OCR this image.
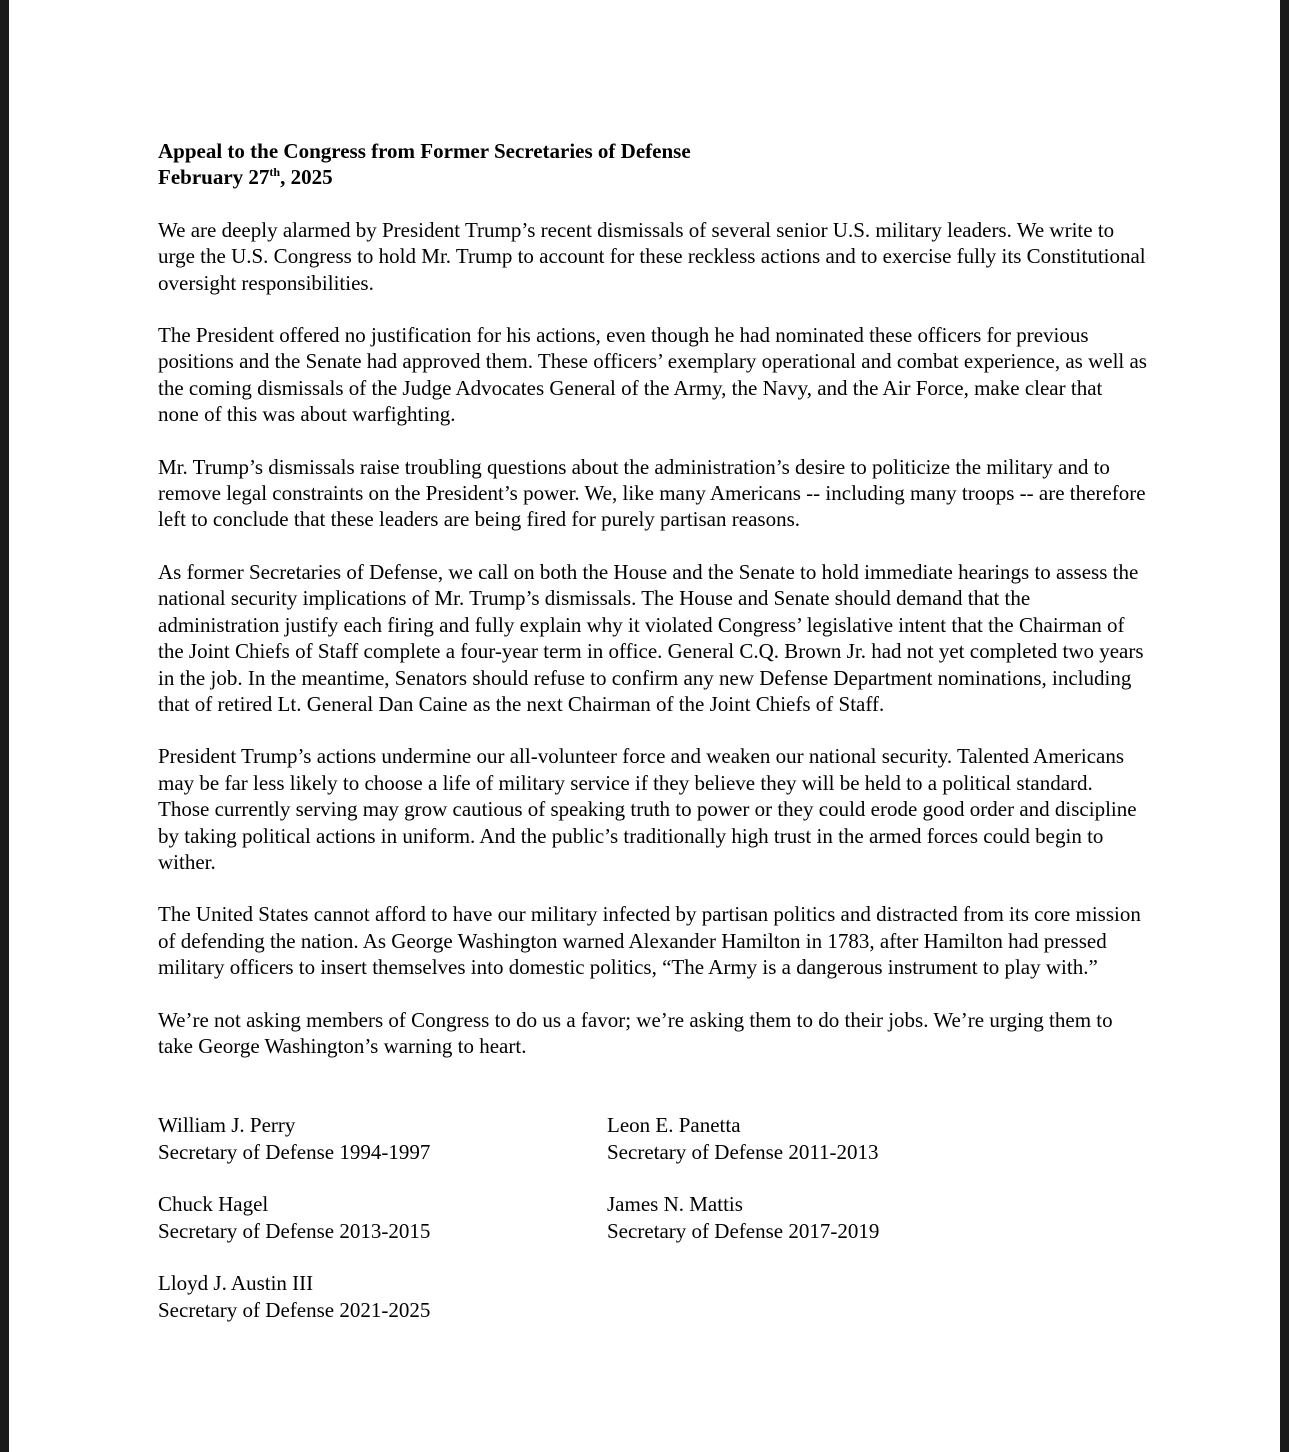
Appeal to the Congress from Former Secretaries of Defense
February 27th, 2025

We are deeply alarmed by President Trump’s recent dismissals of several senior U.S. military leaders. We write to urge the U.S. Congress to hold Mr. Trump to account for these reckless actions and to exercise fully its Constitutional oversight responsibilities.

The President offered no justification for his actions, even though he had nominated these officers for previous positions and the Senate had approved them. These officers’ exemplary operational and combat experience, as well as the coming dismissals of the Judge Advocates General of the Army, the Navy, and the Air Force, make clear that none of this was about warfighting.

Mr. Trump’s dismissals raise troubling questions about the administration’s desire to politicize the military and to remove legal constraints on the President’s power. We, like many Americans -- including many troops -- are therefore left to conclude that these leaders are being fired for purely partisan reasons.

As former Secretaries of Defense, we call on both the House and the Senate to hold immediate hearings to assess the national security implications of Mr. Trump’s dismissals. The House and Senate should demand that the administration justify each firing and fully explain why it violated Congress’ legislative intent that the Chairman of the Joint Chiefs of Staff complete a four-year term in office. General C.Q. Brown Jr. had not yet completed two years in the job. In the meantime, Senators should refuse to confirm any new Defense Department nominations, including that of retired Lt. General Dan Caine as the next Chairman of the Joint Chiefs of Staff.

President Trump’s actions undermine our all-volunteer force and weaken our national security. Talented Americans may be far less likely to choose a life of military service if they believe they will be held to a political standard. Those currently serving may grow cautious of speaking truth to power or they could erode good order and discipline by taking political actions in uniform. And the public’s traditionally high trust in the armed forces could begin to wither.

The United States cannot afford to have our military infected by partisan politics and distracted from its core mission of defending the nation. As George Washington warned Alexander Hamilton in 1783, after Hamilton had pressed military officers to insert themselves into domestic politics, “The Army is a dangerous instrument to play with.”

We’re not asking members of Congress to do us a favor; we’re asking them to do their jobs. We’re urging them to take George Washington’s warning to heart.

William J. Perry
Secretary of Defense 1994-1997
Leon E. Panetta
Secretary of Defense 2011-2013
Chuck Hagel
Secretary of Defense 2013-2015
James N. Mattis
Secretary of Defense 2017-2019
Lloyd J. Austin III
Secretary of Defense 2021-2025
